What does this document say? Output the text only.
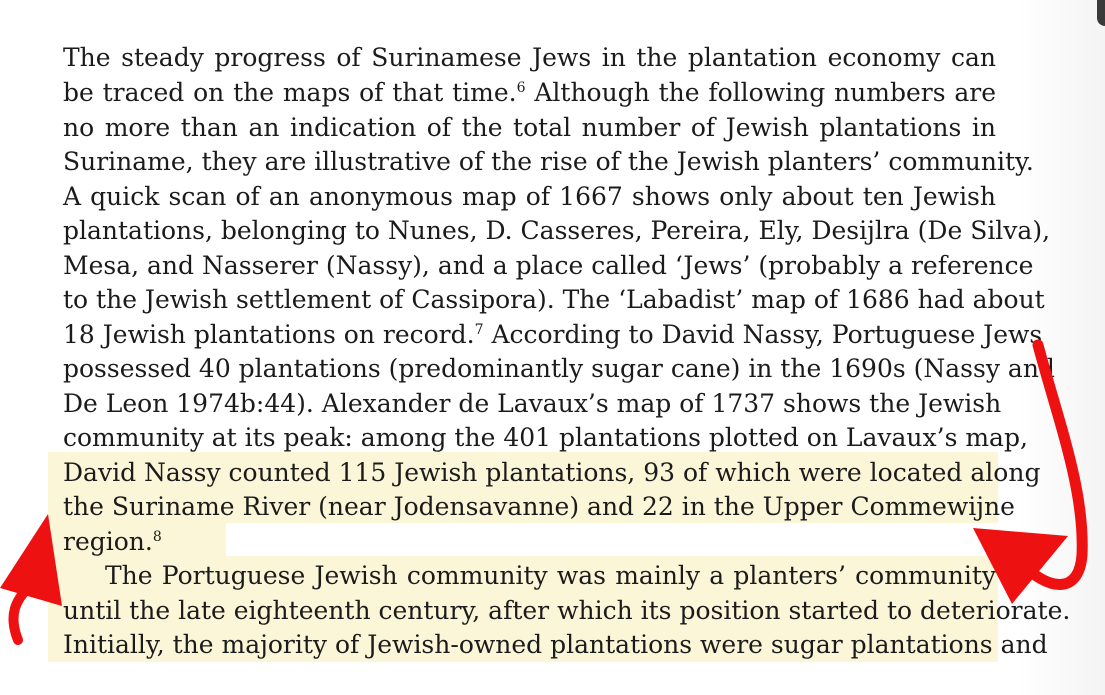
The steady progress of Surinamese Jews in the plantation economy can
be traced on the maps of that time.$^6$ Although the following numbers are
no more than an indication of the total number of Jewish plantations in
Suriname, they are illustrative of the rise of the Jewish planters’ community.
A quick scan of an anonymous map of 1667 shows only about ten Jewish
plantations, belonging to Nunes, D. Casseres, Pereira, Ely, Desijlra (De Silva),
Mesa, and Nasserer (Nassy), and a place called ‘Jews’ (probably a reference
to the Jewish settlement of Cassipora). The ‘Labadist’ map of 1686 had about
18 Jewish plantations on record.$^7$ According to David Nassy, Portuguese Jews
possessed 40 plantations (predominantly sugar cane) in the 1690s (Nassy and
De Leon 1974b:44). Alexander de Lavaux’s map of 1737 shows the Jewish
community at its peak: among the 401 plantations plotted on Lavaux’s map,
David Nassy counted 115 Jewish plantations, 93 of which were located along
the Suriname River (near Jodensavanne) and 22 in the Upper Commewijne
region.$^8$
The Portuguese Jewish community was mainly a planters’ community
until the late eighteenth century, after which its position started to deteriorate.
Initially, the majority of Jewish-owned plantations were sugar plantations and
